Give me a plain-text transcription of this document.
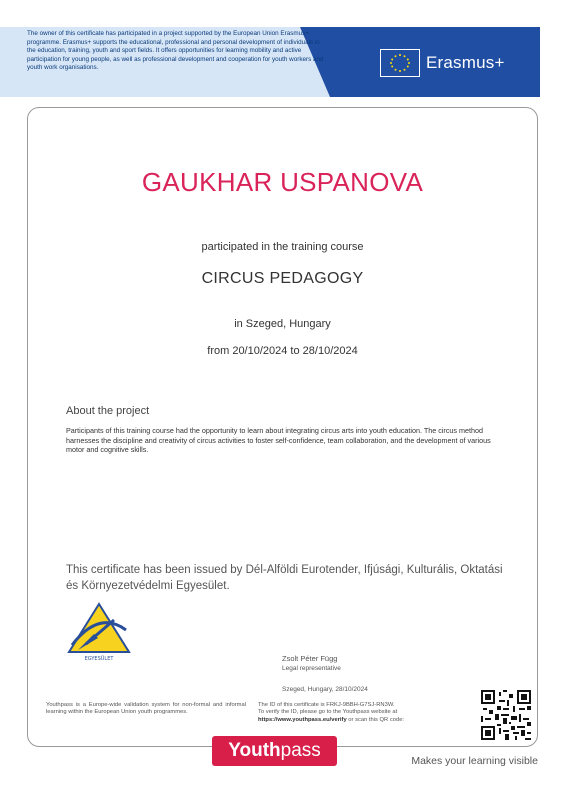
The owner of this certificate has participated in a project supported by the European Union Erasmus+ programme. Erasmus+ supports the educational, professional and personal development of individuals in the education, training, youth and sport fields. It offers opportunities for learning mobility and active participation for young people, as well as professional development and cooperation for youth workers and youth work organisations.	Erasmus+
GAUKHAR USPANOVA
participated in the training course
CIRCUS PEDAGOGY
in Szeged, Hungary
from 20/10/2024 to 28/10/2024
About the project
Participants of this training course had the opportunity to learn about integrating circus arts into youth education. The circus method harnesses the discipline and creativity of circus activities to foster self-confidence, team collaboration, and the development of various motor and cognitive skills.
This certificate has been issued by Dél-Alföldi Eurotender, Ifjúsági, Kulturális, Oktatási és Környezetvédelmi Egyesület.
EGYESÜLET	Zsolt Péter Függ
Legal representative
Szeged, Hungary, 28/10/2024
Youthpass is a Europe-wide validation system for non-formal and informal learning within the European Union youth programmes.
The ID of this certificate is FRKJ-9BBH-G7SJ-RN3W.
To verify the ID, please go to the Youthpass website at
https://www.youthpass.eu/verify or scan this QR code:
Youth pass	Makes your learning visible
